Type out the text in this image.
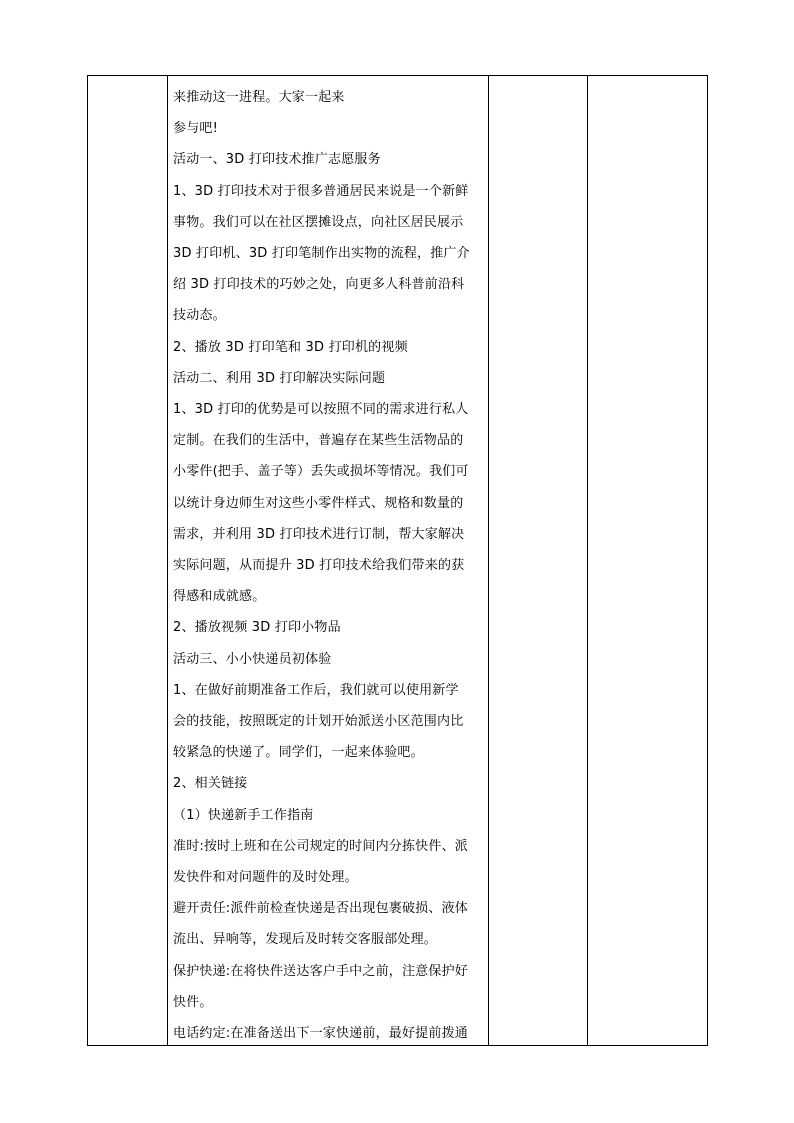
来推动这一进程。大家一起来
参与吧!
活动一、3D 打印技术推广志愿服务
1、3D 打印技术对于很多普通居民来说是一个新鲜
事物。我们可以在社区摆摊设点，向社区居民展示
3D 打印机、3D 打印笔制作出实物的流程，推广介
绍 3D 打印技术的巧妙之处，向更多人科普前沿科
技动态。
2、播放 3D 打印笔和 3D 打印机的视频
活动二、利用 3D 打印解决实际问题
1、3D 打印的优势是可以按照不同的需求进行私人
定制。在我们的生活中，普遍存在某些生活物品的
小零件(把手、盖子等）丢失或损坏等情况。我们可
以统计身边师生对这些小零件样式、规格和数量的
需求，并利用 3D 打印技术进行订制，帮大家解决
实际问题，从而提升 3D 打印技术给我们带来的获
得感和成就感。
2、播放视频 3D 打印小物品
活动三、小小快递员初体验
1、在做好前期准备工作后，我们就可以使用新学
会的技能，按照既定的计划开始派送小区范围内比
较紧急的快递了。同学们，一起来体验吧。
2、相关链接
（1）快递新手工作指南
准时:按时上班和在公司规定的时间内分拣快件、派
发快件和对问题件的及时处理。
避开责任:派件前检查快递是否出现包裹破损、液体
流出、异响等，发现后及时转交客服部处理。
保护快递:在将快件送达客户手中之前，注意保护好
快件。
电话约定:在准备送出下一家快递前，最好提前拨通
